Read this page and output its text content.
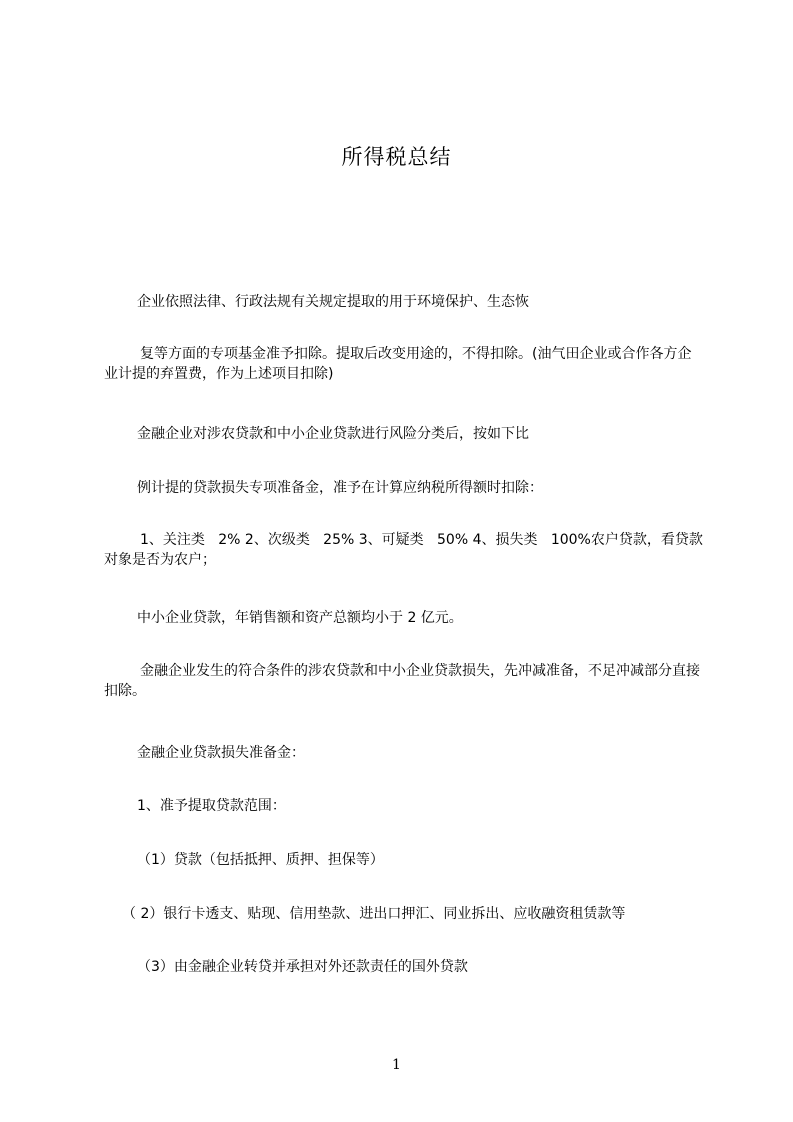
所得税总结
企业依照法律、行政法规有关规定提取的用于环境保护、生态恢
复等方面的专项基金准予扣除。提取后改变用途的，不得扣除。(油气田企业或合作各方企业计提的弃置费，作为上述项目扣除)
金融企业对涉农贷款和中小企业贷款进行风险分类后，按如下比
例计提的贷款损失专项准备金，准予在计算应纳税所得额时扣除：
1、关注类   2% 2、次级类   25% 3、可疑类   50% 4、损失类   100%农户贷款，看贷款对象是否为农户；
中小企业贷款，年销售额和资产总额均小于 2 亿元。
金融企业发生的符合条件的涉农贷款和中小企业贷款损失，先冲减准备，不足冲减部分直接扣除。
金融企业贷款损失准备金：
1、准予提取贷款范围：
（1）贷款（包括抵押、质押、担保等）
（ 2）银行卡透支、贴现、信用垫款、进出口押汇、同业拆出、应收融资租赁款等
（3）由金融企业转贷并承担对外还款责任的国外贷款
1
